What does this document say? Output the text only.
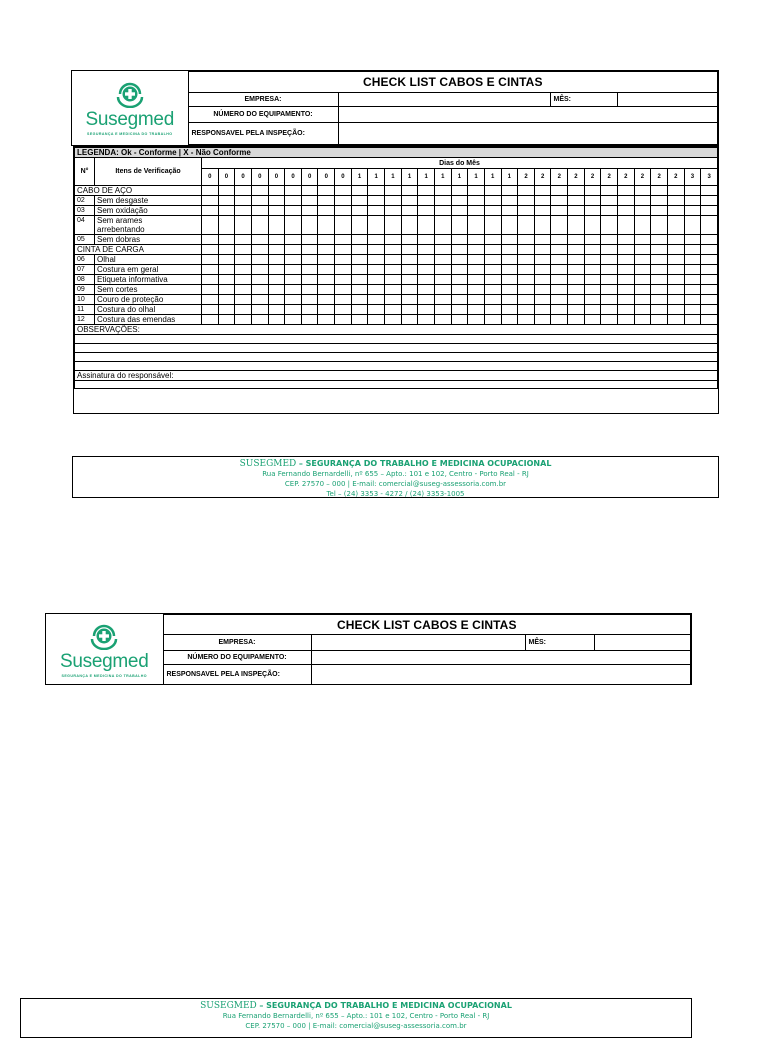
Susegmed
SEGURANÇA E MEDICINA DO TRABALHO	CHECK LIST CABOS E CINTAS			
	EMPRESA:		MÊS:	
	NÚMERO DO EQUIPAMENTO:			
	RESPONSAVEL PELA INSPEÇÃO:			
LEGENDA: Ok - Conforme | X - Não Conforme																																
N°	Itens de Verificação	Dias do Mês																														
		0	0	0	0	0	0	0	0	0	1	1	1	1	1	1	1	1	1	1	2	2	2	2	2	2	2	2	2	2	3	3
CABO DE AÇO																																
02	Sem desgaste																															

03	Sem oxidação																															

04	Sem arames
arrebentando																															

05	Sem dobras																															

CINTA DE CARGA																																
06	Olhal																															

07	Costura em geral																															

08	Etiqueta informativa																															

09	Sem cortes																															

10	Couro de proteção																															

11	Costura do olhal																															

12	Costura das emendas																															

OBSERVAÇÕES:																																

Assinatura do responsável:																																

SUSEGMED – SEGURANÇA DO TRABALHO E MEDICINA OCUPACIONAL
Rua Fernando Bernardelli, nº 655 – Apto.: 101 e 102, Centro - Porto Real - RJ
CEP. 27570 – 000 | E-mail: comercial@suseg-assessoria.com.br
Tel – (24) 3353 - 4272 / (24) 3353-1005
Susegmed
SEGURANÇA E MEDICINA DO TRABALHO	CHECK LIST CABOS E CINTAS			
	EMPRESA:		MÊS:	
	NÚMERO DO EQUIPAMENTO:			
	RESPONSAVEL PELA INSPEÇÃO:			
SUSEGMED – SEGURANÇA DO TRABALHO E MEDICINA OCUPACIONAL
Rua Fernando Bernardelli, nº 655 – Apto.: 101 e 102, Centro - Porto Real - RJ
CEP. 27570 – 000 | E-mail: comercial@suseg-assessoria.com.br
